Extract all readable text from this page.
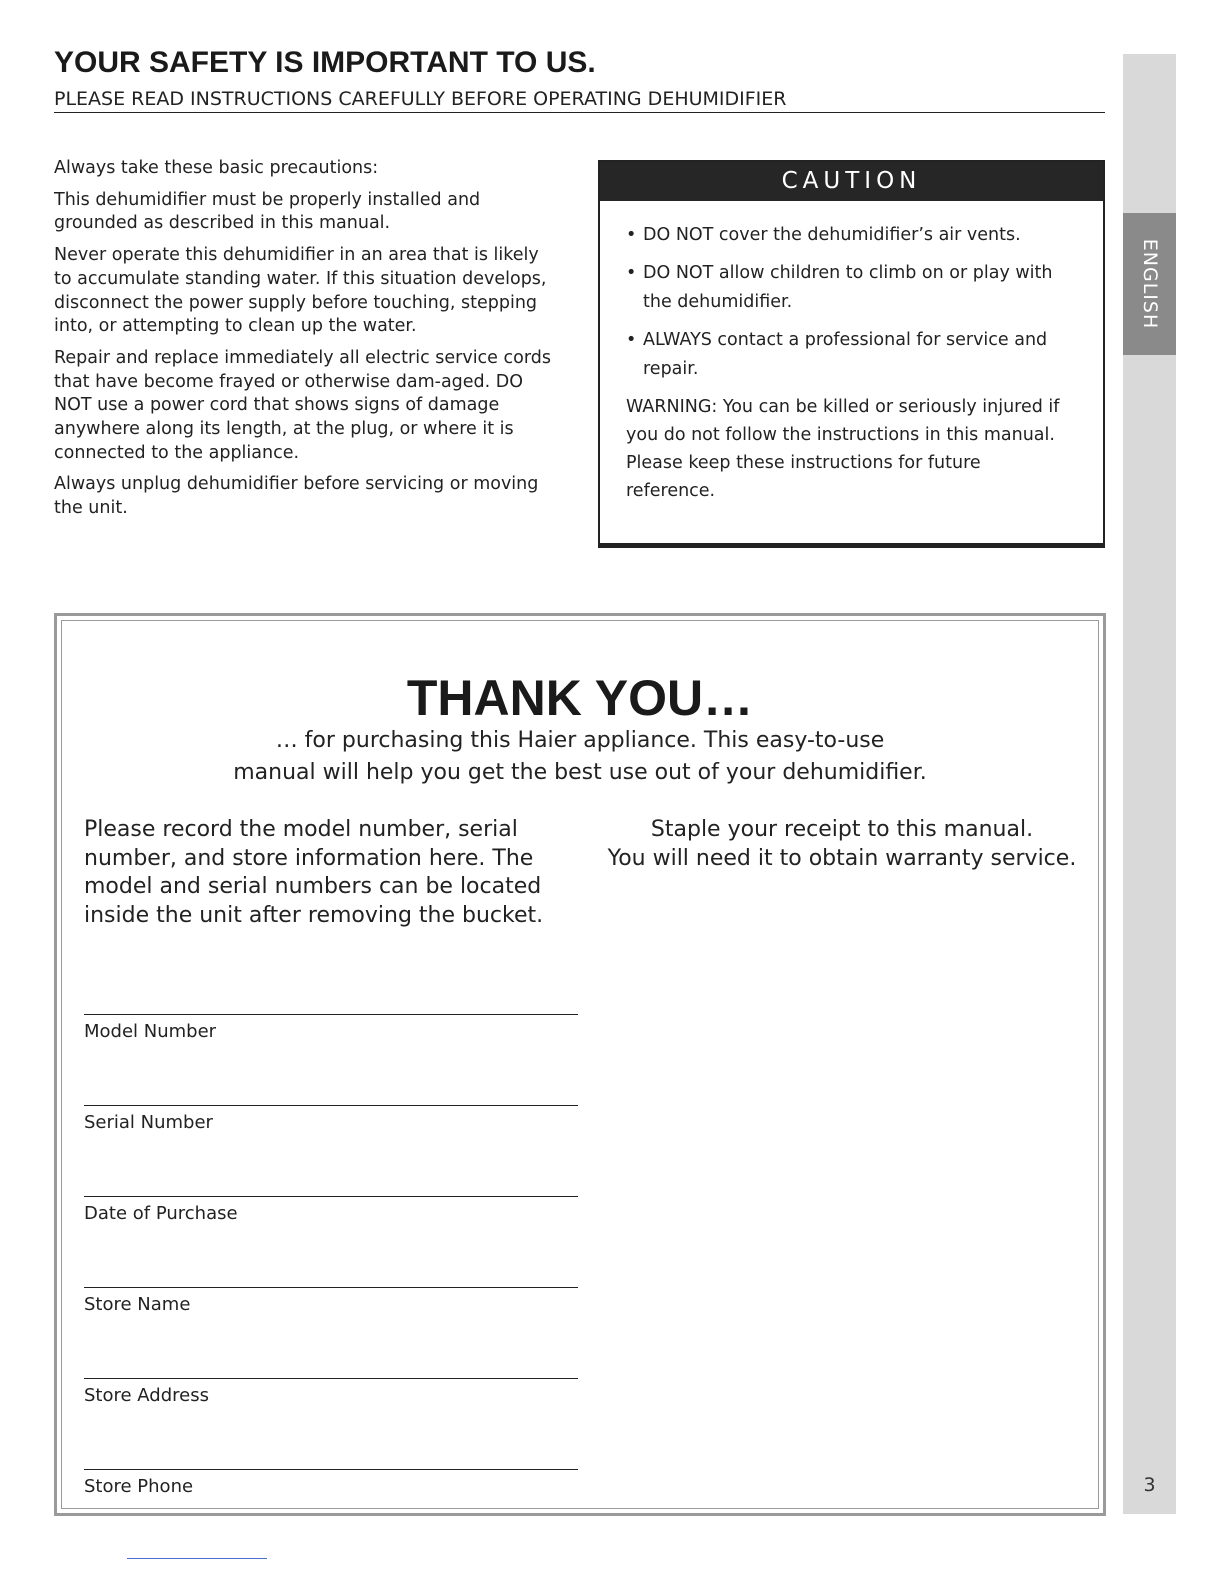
ENGLISH
3
YOUR SAFETY IS IMPORTANT TO US.

PLEASE READ INSTRUCTIONS CAREFULLY BEFORE OPERATING DEHUMIDIFIER

Always take these basic precautions:

This dehumidifier must be properly installed and grounded as described in this manual.

Never operate this dehumidifier in an area that is likely to accumulate standing water. If this situation develops, disconnect the power supply before touching, stepping into, or attempting to clean up the water.

Repair and replace immediately all electric service cords that have become frayed or otherwise dam-aged. DO NOT use a power cord that shows signs of damage anywhere along its length, at the plug, or where it is connected to the appliance.

Always unplug dehumidifier before servicing or moving the unit.

CAUTION
• DO NOT cover the dehumidifier’s air vents.
• DO NOT allow children to climb on or play with the dehumidifier.
• ALWAYS contact a professional for service and repair.

WARNING: You can be killed or seriously injured if you do not follow the instructions in this manual. Please keep these instructions for future reference.

THANK YOU…

… for purchasing this Haier appliance. This easy-to-use
manual will help you get the best use out of your dehumidifier.

Please record the model number, serial number, and store information here. The model and serial numbers can be located inside the unit after removing the bucket.

Staple your receipt to this manual.
You will need it to obtain warranty service.

Model Number
Serial Number
Date of Purchase
Store Name
Store Address
Store Phone
